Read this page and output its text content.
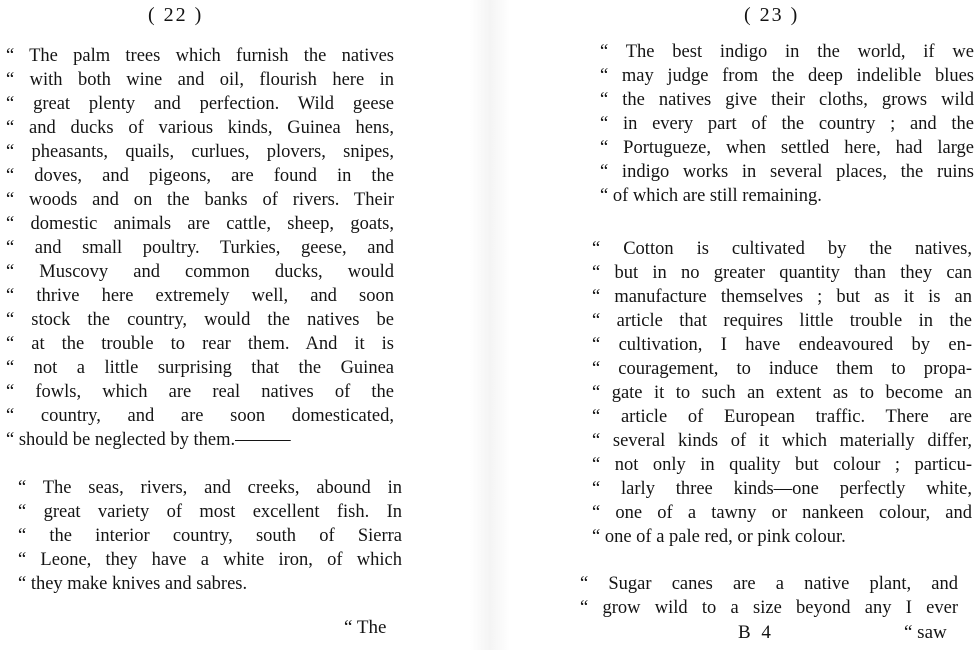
( 22 )
“ The palm trees which furnish the natives
“ with both wine and oil, flourish here in
“ great plenty and perfection. Wild geese
“ and ducks of various kinds, Guinea hens,
“ pheasants, quails, curlues, plovers, snipes,
“ doves, and pigeons, are found in the
“ woods and on the banks of rivers. Their
“ domestic animals are cattle, sheep, goats,
“ and small poultry. Turkies, geese, and
“ Muscovy and common ducks, would
“ thrive here extremely well, and soon
“ stock the country, would the natives be
“ at the trouble to rear them. And it is
“ not a little surprising that the Guinea
“ fowls, which are real natives of the
“ country, and are soon domesticated,
“ should be neglected by them.———
“ The seas, rivers, and creeks, abound in
“ great variety of most excellent fish. In
“ the interior country, south of Sierra
“ Leone, they have a white iron, of which
“ they make knives and sabres.
“ The
( 23 )
“ The best indigo in the world, if we
“ may judge from the deep indelible blues
“ the natives give their cloths, grows wild
“ in every part of the country ; and the
“ Portugueze, when settled here, had large
“ indigo works in several places, the ruins
“ of which are still remaining.
“ Cotton is cultivated by the natives,
“ but in no greater quantity than they can
“ manufacture themselves ; but as it is an
“ article that requires little trouble in the
“ cultivation, I have endeavoured by en-
“ couragement, to induce them to propa-
“ gate it to such an extent as to become an
“ article of European traffic. There are
“ several kinds of it which materially differ,
“ not only in quality but colour ; particu-
“ larly three kinds—one perfectly white,
“ one of a tawny or nankeen colour, and
“ one of a pale red, or pink colour.
“ Sugar canes are a native plant, and
“ grow wild to a size beyond any I ever
B 4	“ saw
